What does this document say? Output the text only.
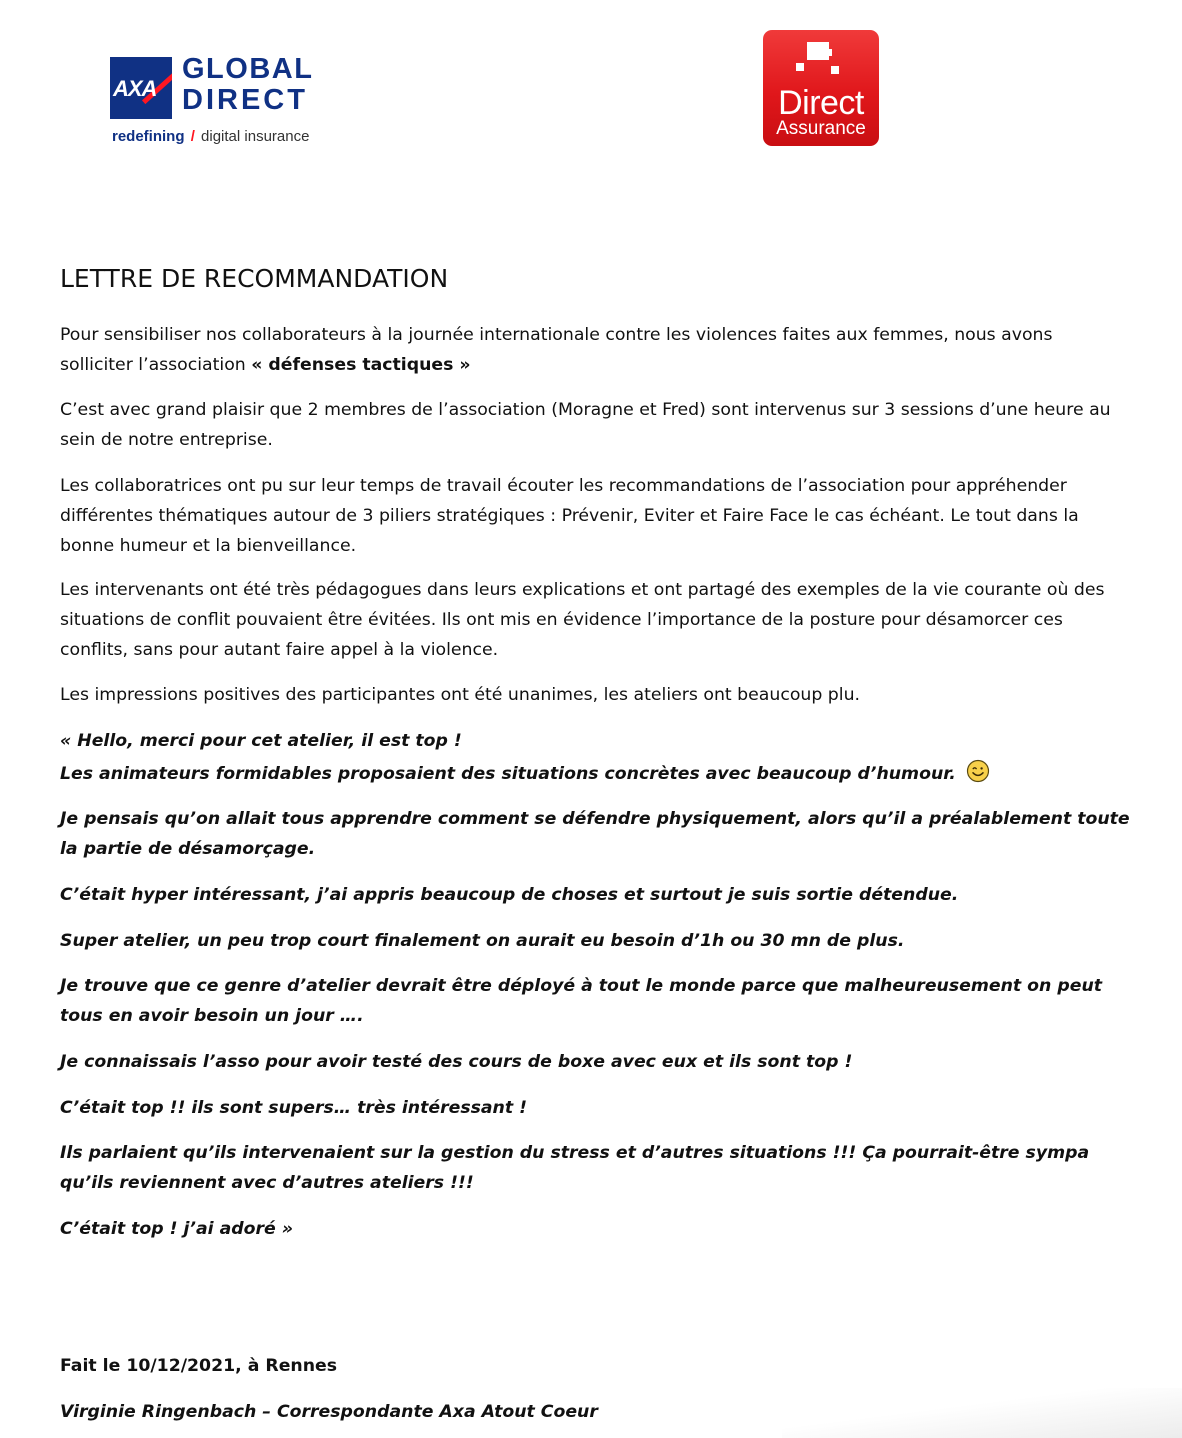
AXA
GLOBAL
DIRECT
redefining / digital insurance
Direct
Assurance
LETTRE DE RECOMMANDATION

Pour sensibiliser nos collaborateurs à la journée internationale contre les violences faites aux femmes, nous avons solliciter l’association « défenses tactiques »

C’est avec grand plaisir que 2 membres de l’association (Moragne et Fred) sont intervenus sur 3 sessions d’une heure au sein de notre entreprise.

Les collaboratrices ont pu sur leur temps de travail écouter les recommandations de l’association pour appréhender différentes thématiques autour de 3 piliers stratégiques : Prévenir, Eviter et Faire Face le cas échéant. Le tout dans la bonne humeur et la bienveillance.

Les intervenants ont été très pédagogues dans leurs explications et ont partagé des exemples de la vie courante où des situations de conflit pouvaient être évitées. Ils ont mis en évidence l’importance de la posture pour désamorcer ces conflits, sans pour autant faire appel à la violence.

Les impressions positives des participantes ont été unanimes, les ateliers ont beaucoup plu.

« Hello, merci pour cet atelier, il est top !
Les animateurs formidables proposaient des situations concrètes avec beaucoup d’humour.
Je pensais qu’on allait tous apprendre comment se défendre physiquement, alors qu’il a préalablement toute la partie de désamorçage.
C’était hyper intéressant, j’ai appris beaucoup de choses et surtout je suis sortie détendue.
Super atelier, un peu trop court finalement on aurait eu besoin d’1h ou 30 mn de plus.
Je trouve que ce genre d’atelier devrait être déployé à tout le monde parce que malheureusement on peut tous en avoir besoin un jour ….
Je connaissais l’asso pour avoir testé des cours de boxe avec eux et ils sont top !
C’était top !! ils sont supers… très intéressant !
Ils parlaient qu’ils intervenaient sur la gestion du stress et d’autres situations !!! Ça pourrait-être sympa qu’ils reviennent avec d’autres ateliers !!!
C’était top ! j’ai adoré »
Fait le 10/12/2021, à Rennes
Virginie Ringenbach – Correspondante Axa Atout Coeur
